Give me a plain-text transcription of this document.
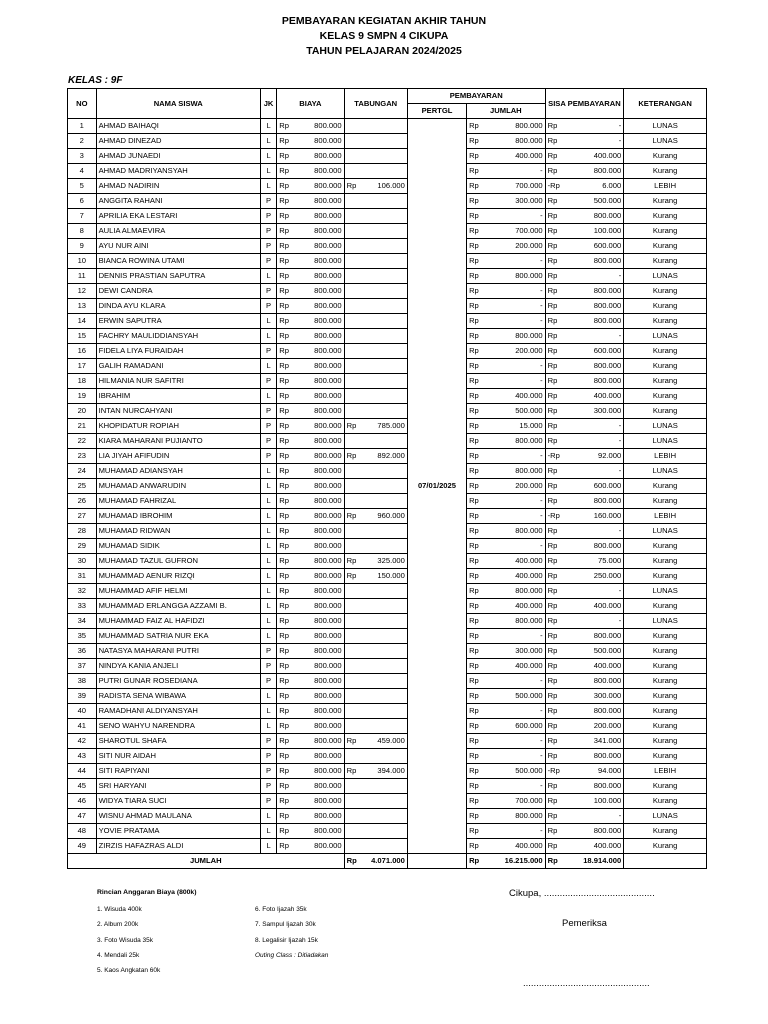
PEMBAYARAN KEGIATAN AKHIR TAHUN
KELAS 9 SMPN 4 CIKUPA
TAHUN PELAJARAN 2024/2025
KELAS : 9F
NO	NAMA SISWA	JK	BIAYA		TABUNGAN		PEMBAYARAN			SISA PEMBAYARAN		KETERANGAN
							PERTGL	JUMLAH				
1	AHMAD BAIHAQI	L	Rp	800.000			07/01/2025	Rp	800.000	Rp	-	LUNAS
2	AHMAD DINEZAD	L	Rp	800.000				Rp	800.000	Rp	-	LUNAS
3	AHMAD JUNAEDI	L	Rp	800.000				Rp	400.000	Rp	400.000	Kurang
4	AHMAD MADRIYANSYAH	L	Rp	800.000				Rp	-	Rp	800.000	Kurang
5	AHMAD NADIRIN	L	Rp	800.000	Rp	106.000		Rp	700.000	-Rp	6.000	LEBIH
6	ANGGITA RAHANI	P	Rp	800.000				Rp	300.000	Rp	500.000	Kurang
7	APRILIA EKA LESTARI	P	Rp	800.000				Rp	-	Rp	800.000	Kurang
8	AULIA ALMAEVIRA	P	Rp	800.000				Rp	700.000	Rp	100.000	Kurang
9	AYU NUR AINI	P	Rp	800.000				Rp	200.000	Rp	600.000	Kurang
10	BIANCA ROWINA UTAMI	P	Rp	800.000				Rp	-	Rp	800.000	Kurang
11	DENNIS PRASTIAN SAPUTRA	L	Rp	800.000				Rp	800.000	Rp	-	LUNAS
12	DEWI CANDRA	P	Rp	800.000				Rp	-	Rp	800.000	Kurang
13	DINDA AYU KLARA	P	Rp	800.000				Rp	-	Rp	800.000	Kurang
14	ERWIN SAPUTRA	L	Rp	800.000				Rp	-	Rp	800.000	Kurang
15	FACHRY MAULIDDIANSYAH	L	Rp	800.000				Rp	800.000	Rp	-	LUNAS
16	FIDELA LIYA FURAIDAH	P	Rp	800.000				Rp	200.000	Rp	600.000	Kurang
17	GALIH RAMADANI	L	Rp	800.000				Rp	-	Rp	800.000	Kurang
18	HILMANIA NUR SAFITRI	P	Rp	800.000				Rp	-	Rp	800.000	Kurang
19	IBRAHIM	L	Rp	800.000				Rp	400.000	Rp	400.000	Kurang
20	INTAN NURCAHYANI	P	Rp	800.000				Rp	500.000	Rp	300.000	Kurang
21	KHOPIDATUR ROPIAH	P	Rp	800.000	Rp	785.000		Rp	15.000	Rp	-	LUNAS
22	KIARA MAHARANI PUJIANTO	P	Rp	800.000				Rp	800.000	Rp	-	LUNAS
23	LIA JIYAH AFIFUDIN	P	Rp	800.000	Rp	892.000		Rp	-	-Rp	92.000	LEBIH
24	MUHAMAD ADIANSYAH	L	Rp	800.000				Rp	800.000	Rp	-	LUNAS
25	MUHAMAD ANWARUDIN	L	Rp	800.000				Rp	200.000	Rp	600.000	Kurang
26	MUHAMAD FAHRIZAL	L	Rp	800.000				Rp	-	Rp	800.000	Kurang
27	MUHAMAD IBROHIM	L	Rp	800.000	Rp	960.000		Rp	-	-Rp	160.000	LEBIH
28	MUHAMAD RIDWAN	L	Rp	800.000				Rp	800.000	Rp	-	LUNAS
29	MUHAMAD SIDIK	L	Rp	800.000				Rp	-	Rp	800.000	Kurang
30	MUHAMAD TAZUL GUFRON	L	Rp	800.000	Rp	325.000		Rp	400.000	Rp	75.000	Kurang
31	MUHAMMAD AENUR RIZQI	L	Rp	800.000	Rp	150.000		Rp	400.000	Rp	250.000	Kurang
32	MUHAMMAD AFIF HELMI	L	Rp	800.000				Rp	800.000	Rp	-	LUNAS
33	MUHAMMAD ERLANGGA AZZAMI B.	L	Rp	800.000				Rp	400.000	Rp	400.000	Kurang
34	MUHAMMAD FAIZ AL HAFIDZI	L	Rp	800.000				Rp	800.000	Rp	-	LUNAS
35	MUHAMMAD SATRIA NUR EKA	L	Rp	800.000				Rp	-	Rp	800.000	Kurang
36	NATASYA MAHARANI PUTRI	P	Rp	800.000				Rp	300.000	Rp	500.000	Kurang
37	NINDYA KANIA ANJELI	P	Rp	800.000				Rp	400.000	Rp	400.000	Kurang
38	PUTRI GUNAR ROSEDIANA	P	Rp	800.000				Rp	-	Rp	800.000	Kurang
39	RADISTA SENA WIBAWA	L	Rp	800.000				Rp	500.000	Rp	300.000	Kurang
40	RAMADHANI ALDIYANSYAH	L	Rp	800.000				Rp	-	Rp	800.000	Kurang
41	SENO WAHYU NARENDRA	L	Rp	800.000				Rp	600.000	Rp	200.000	Kurang
42	SHAROTUL SHAFA	P	Rp	800.000	Rp	459.000		Rp	-	Rp	341.000	Kurang
43	SITI NUR AIDAH	P	Rp	800.000				Rp	-	Rp	800.000	Kurang
44	SITI RAPIYANI	P	Rp	800.000	Rp	394.000		Rp	500.000	-Rp	94.000	LEBIH
45	SRI HARYANI	P	Rp	800.000				Rp	-	Rp	800.000	Kurang
46	WIDYA TIARA SUCI	P	Rp	800.000				Rp	700.000	Rp	100.000	Kurang
47	WISNU AHMAD MAULANA	L	Rp	800.000				Rp	800.000	Rp	-	LUNAS
48	YOVIE PRATAMA	L	Rp	800.000				Rp	-	Rp	800.000	Kurang
49	ZIRZIS HAFAZRAS ALDI	L	Rp	800.000				Rp	400.000	Rp	400.000	Kurang
JUMLAH					Rp	4.071.000		Rp	16.215.000	Rp	18.914.000	
Rincian Anggaran Biaya (800k)
1. Wisuda 400k
2. Album 200k
3. Foto Wisuda 35k
4. Mendali 25k
5. Kaos Angkatan 60k
6. Foto Ijazah 35k
7. Sampul Ijazah 30k
8. Legalisir Ijazah 15k
Outing Class : Ditiadakan
Cikupa, ..........................................
Pemeriksa
................................................
